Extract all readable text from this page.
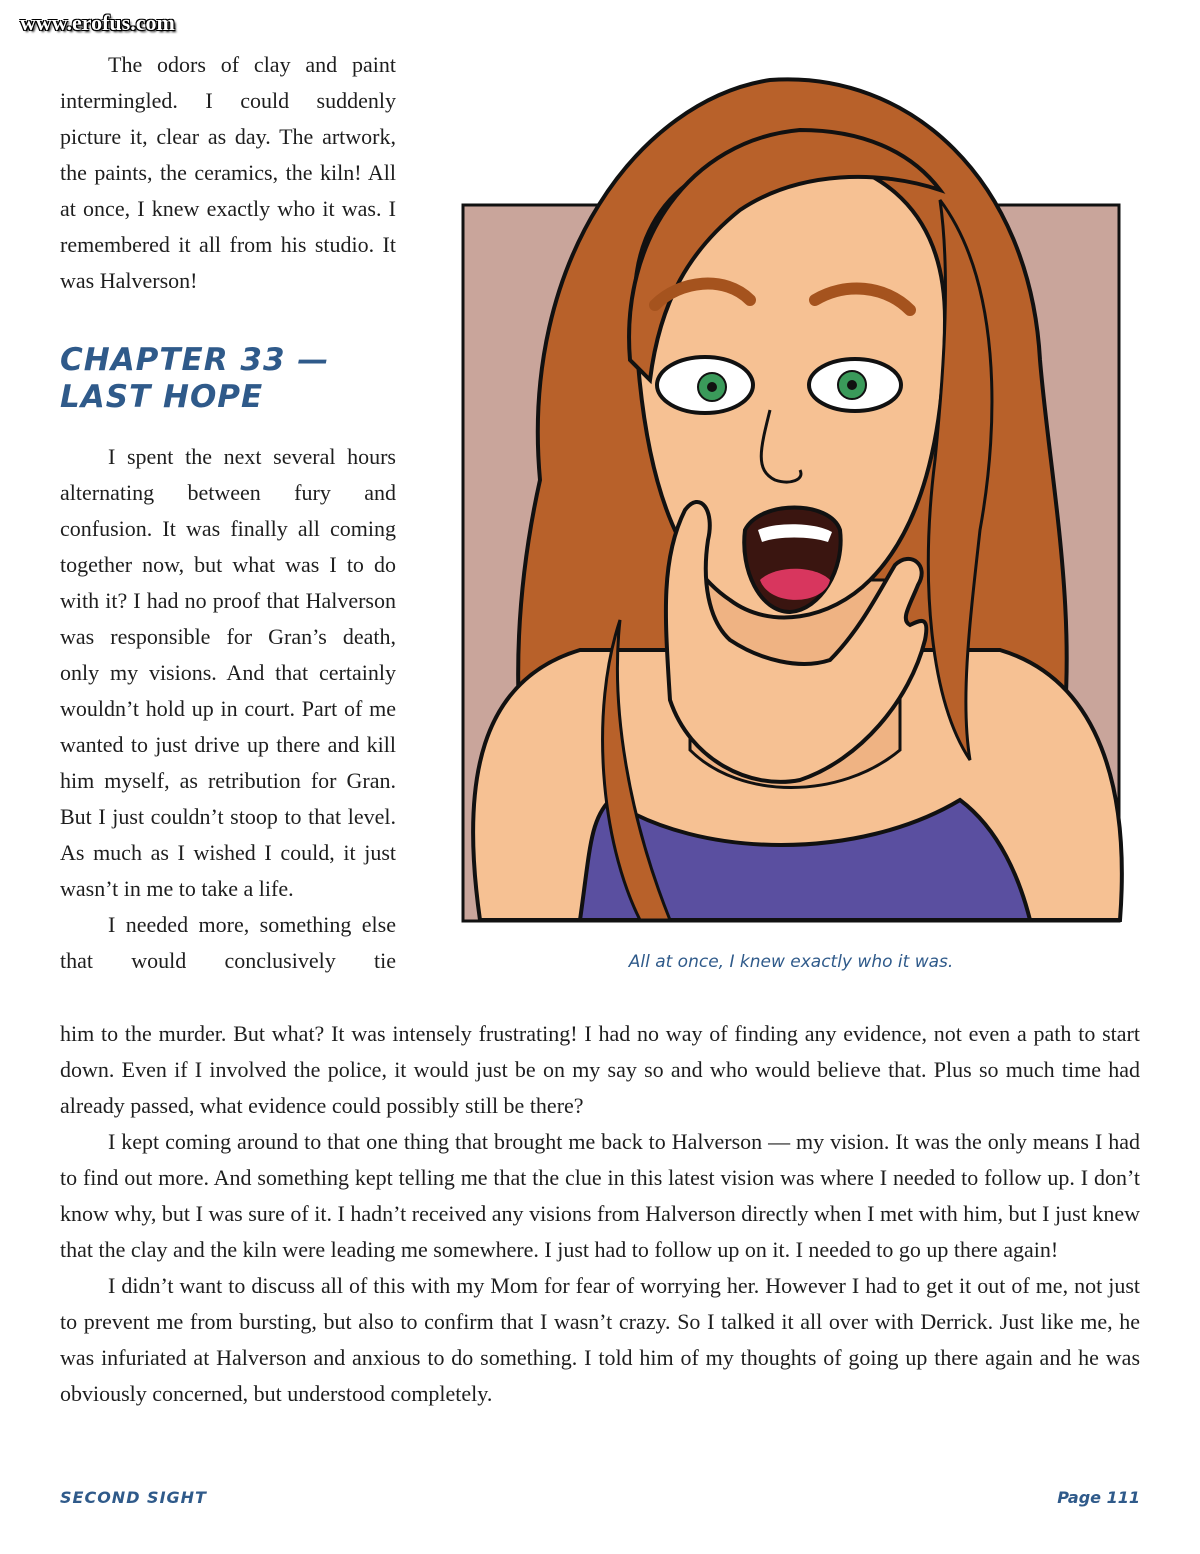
www.erofus.com

The odors of clay and paint intermingled. I could suddenly picture it, clear as day. The artwork, the paints, the ceramics, the kiln! All at once, I knew exactly who it was. I remembered it all from his studio. It was Halverson!

CHAPTER 33 — LAST HOPE

I spent the next several hours alternating between fury and confusion. It was finally all coming together now, but what was I to do with it? I had no proof that Halverson was responsible for Gran’s death, only my visions. And that certainly wouldn’t hold up in court. Part of me wanted to just drive up there and kill him myself, as retribution for Gran. But I just couldn’t stoop to that level. As much as I wished I could, it just wasn’t in me to take a life.

I needed more, something else that would conclusively tie	All at once, I knew exactly who it was.

him to the murder. But what? It was intensely frustrating! I had no way of finding any evidence, not even a path to start down. Even if I involved the police, it would just be on my say so and who would believe that. Plus so much time had already passed, what evidence could possibly still be there?

I kept coming around to that one thing that brought me back to Halverson — my vision. It was the only means I had to find out more. And something kept telling me that the clue in this latest vision was where I needed to follow up. I don’t know why, but I was sure of it. I hadn’t received any visions from Halverson directly when I met with him, but I just knew that the clay and the kiln were leading me somewhere. I just had to follow up on it. I needed to go up there again!

I didn’t want to discuss all of this with my Mom for fear of worrying her. However I had to get it out of me, not just to prevent me from bursting, but also to confirm that I wasn’t crazy. So I talked it all over with Derrick. Just like me, he was infuriated at Halverson and anxious to do something. I told him of my thoughts of going up there again and he was obviously concerned, but understood completely.

SECOND SIGHT	Page 111
